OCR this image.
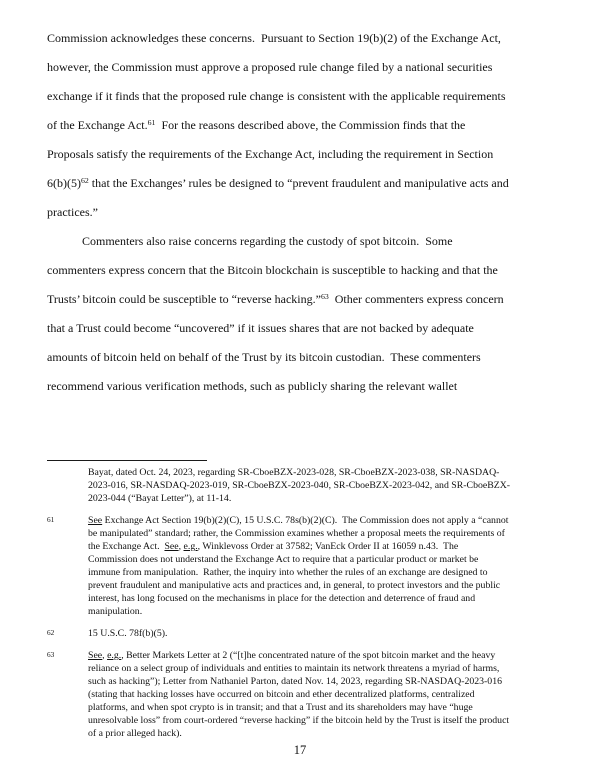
Commission acknowledges these concerns.  Pursuant to Section 19(b)(2) of the Exchange Act,
however, the Commission must approve a proposed rule change filed by a national securities
exchange if it finds that the proposed rule change is consistent with the applicable requirements
of the Exchange Act.$^{61}$  For the reasons described above, the Commission finds that the
Proposals satisfy the requirements of the Exchange Act, including the requirement in Section
$6(b)(5)^{62}$ that the Exchanges’ rules be designed to “prevent fraudulent and manipulative acts and
practices.”
Commenters also raise concerns regarding the custody of spot bitcoin.  Some
commenters express concern that the Bitcoin blockchain is susceptible to hacking and that the
Trusts’ bitcoin could be susceptible to “reverse hacking.”$^{63}$  Other commenters express concern
that a Trust could become “uncovered” if it issues shares that are not backed by adequate
amounts of bitcoin held on behalf of the Trust by its bitcoin custodian.  These commenters
recommend various verification methods, such as publicly sharing the relevant wallet
Bayat, dated Oct. 24, 2023, regarding SR-CboeBZX-2023-028, SR-CboeBZX-2023-038, SR-NASDAQ-
2023-016, SR-NASDAQ-2023-019, SR-CboeBZX-2023-040, SR-CboeBZX-2023-042, and SR-CboeBZX-
2023-044 (“Bayat Letter”), at 11-14.
61	See Exchange Act Section 19(b)(2)(C), 15 U.S.C. 78s(b)(2)(C).  The Commission does not apply a “cannot
be manipulated” standard; rather, the Commission examines whether a proposal meets the requirements of
the Exchange Act.  See, e.g., Winklevoss Order at 37582; VanEck Order II at 16059 n.43.  The
Commission does not understand the Exchange Act to require that a particular product or market be
immune from manipulation.  Rather, the inquiry into whether the rules of an exchange are designed to
prevent fraudulent and manipulative acts and practices and, in general, to protect investors and the public
interest, has long focused on the mechanisms in place for the detection and deterrence of fraud and
manipulation.
62	15 U.S.C. 78f(b)(5).
63	See, e.g., Better Markets Letter at 2 (“[t]he concentrated nature of the spot bitcoin market and the heavy
reliance on a select group of individuals and entities to maintain its network threatens a myriad of harms,
such as hacking”); Letter from Nathaniel Parton, dated Nov. 14, 2023, regarding SR-NASDAQ-2023-016
(stating that hacking losses have occurred on bitcoin and ether decentralized platforms, centralized
platforms, and when spot crypto is in transit; and that a Trust and its shareholders may have “huge
unresolvable loss” from court-ordered “reverse hacking” if the bitcoin held by the Trust is itself the product
of a prior alleged hack).
17
